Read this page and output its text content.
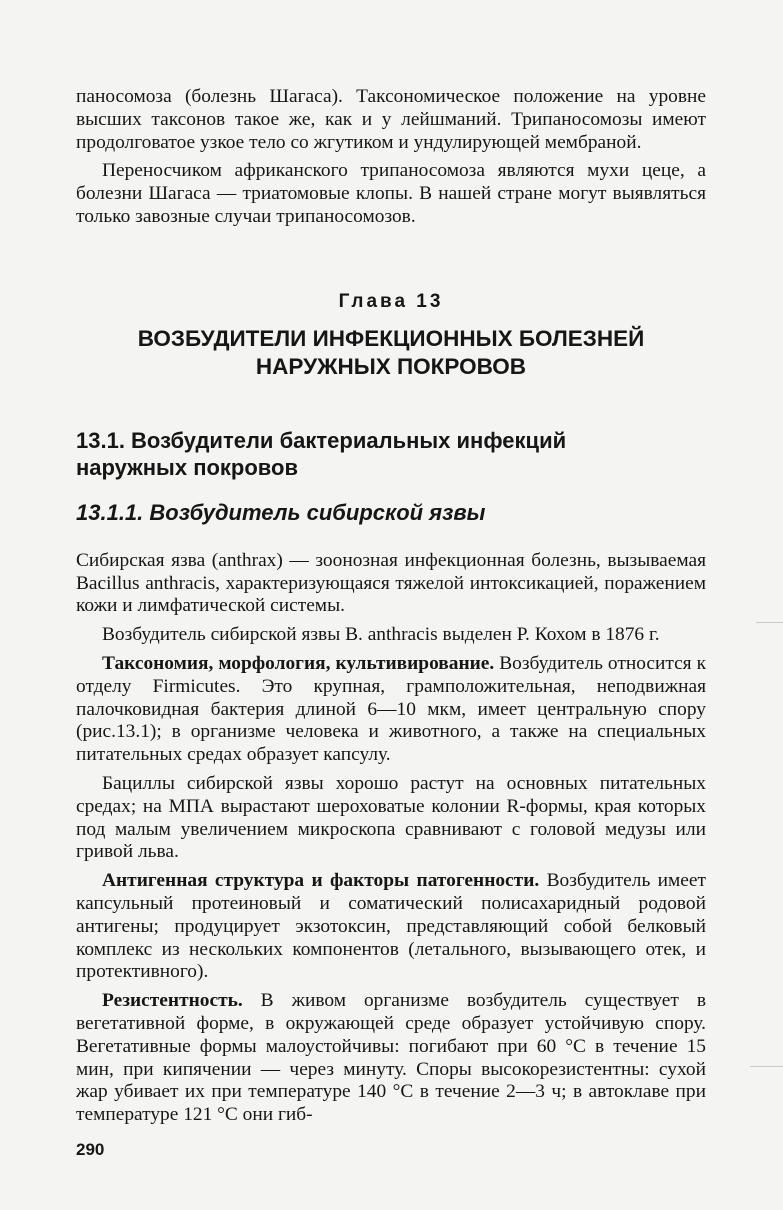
паносомоза (болезнь Шагаса). Таксономическое положение на уровне высших таксонов такое же, как и у лейшманий. Трипаносомозы имеют продолговатое узкое тело со жгутиком и ундулирующей мембраной.

Переносчиком африканского трипаносомоза являются мухи цеце, а болезни Шагаса — триатомовые клопы. В нашей стране могут выявляться только завозные случаи трипаносомозов.

Глава 13
ВОЗБУДИТЕЛИ ИНФЕКЦИОННЫХ БОЛЕЗНЕЙ
НАРУЖНЫХ ПОКРОВОВ
13.1. Возбудители бактериальных инфекций
наружных покровов
13.1.1. Возбудитель сибирской язвы

Сибирская язва (anthrax) — зоонозная инфекционная болезнь, вызываемая Bacillus anthracis, характеризующаяся тяжелой интоксикацией, поражением кожи и лимфатической системы.

Возбудитель сибирской язвы В. anthracis выделен Р. Кохом в 1876 г.

Таксономия, морфология, культивирование. Возбудитель относится к отделу Firmicutes. Это крупная, грамположительная, неподвижная палочковидная бактерия длиной 6—10 мкм, имеет центральную спору (рис.13.1); в организме человека и животного, а также на специальных питательных средах образует капсулу.

Бациллы сибирской язвы хорошо растут на основных питательных средах; на МПА вырастают шероховатые колонии R-формы, края которых под малым увеличением микроскопа сравнивают с головой медузы или гривой льва.

Антигенная структура и факторы патогенности. Возбудитель имеет капсульный протеиновый и соматический полисахаридный родовой антигены; продуцирует экзотоксин, представляющий собой белковый комплекс из нескольких компонентов (летального, вызывающего отек, и протективного).

Резистентность. В живом организме возбудитель существует в вегетативной форме, в окружающей среде образует устойчивую спору. Вегетативные формы малоустойчивы: погибают при 60 °С в течение 15 мин, при кипячении — через минуту. Споры высокорезистентны: сухой жар убивает их при температуре 140 °С в течение 2—3 ч; в автоклаве при температуре 121 °С они гиб-

290
